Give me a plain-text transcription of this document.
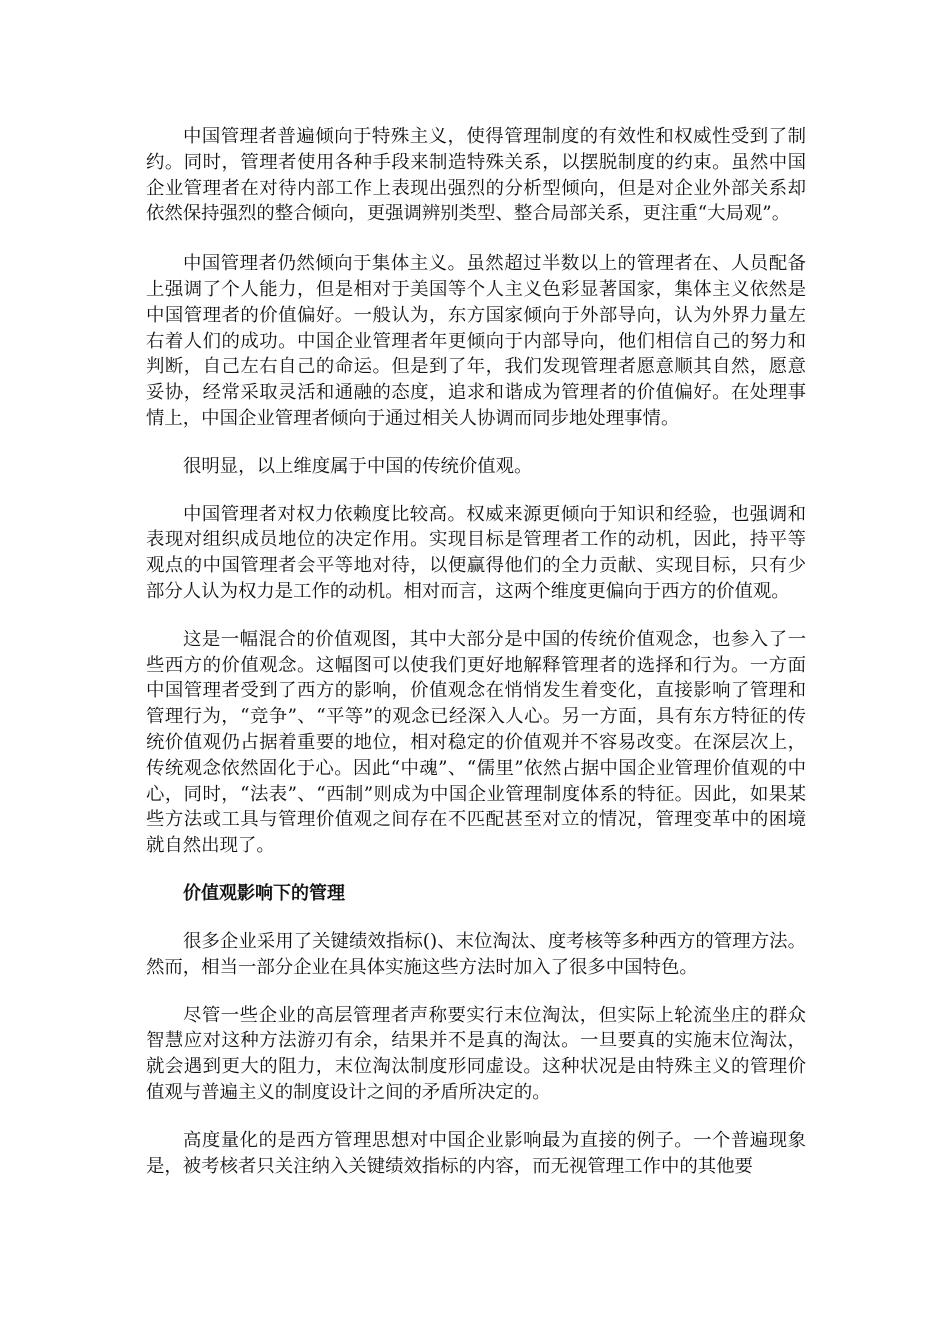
中国管理者普遍倾向于特殊主义，使得管理制度的有效性和权威性受到了制约。同时，管理者使用各种手段来制造特殊关系，以摆脱制度的约束。虽然中国企业管理者在对待内部工作上表现出强烈的分析型倾向，但是对企业外部关系却依然保持强烈的整合倾向，更强调辨别类型、整合局部关系，更注重“大局观”。

中国管理者仍然倾向于集体主义。虽然超过半数以上的管理者在、人员配备上强调了个人能力，但是相对于美国等个人主义色彩显著国家，集体主义依然是中国管理者的价值偏好。一般认为，东方国家倾向于外部导向，认为外界力量左右着人们的成功。中国企业管理者年更倾向于内部导向，他们相信自己的努力和判断，自己左右自己的命运。但是到了年，我们发现管理者愿意顺其自然，愿意妥协，经常采取灵活和通融的态度，追求和谐成为管理者的价值偏好。在处理事情上，中国企业管理者倾向于通过相关人协调而同步地处理事情。

很明显，以上维度属于中国的传统价值观。

中国管理者对权力依赖度比较高。权威来源更倾向于知识和经验，也强调和表现对组织成员地位的决定作用。实现目标是管理者工作的动机，因此，持平等观点的中国管理者会平等地对待，以便赢得他们的全力贡献、实现目标，只有少部分人认为权力是工作的动机。相对而言，这两个维度更偏向于西方的价值观。

这是一幅混合的价值观图，其中大部分是中国的传统价值观念，也参入了一些西方的价值观念。这幅图可以使我们更好地解释管理者的选择和行为。一方面中国管理者受到了西方的影响，价值观念在悄悄发生着变化，直接影响了管理和管理行为，“竞争”、“平等”的观念已经深入人心。另一方面，具有东方特征的传统价值观仍占据着重要的地位，相对稳定的价值观并不容易改变。在深层次上，传统观念依然固化于心。因此“中魂”、“儒里”依然占据中国企业管理价值观的中心，同时，“法表”、“西制”则成为中国企业管理制度体系的特征。因此，如果某些方法或工具与管理价值观之间存在不匹配甚至对立的情况，管理变革中的困境就自然出现了。

价值观影响下的管理

很多企业采用了关键绩效指标()、末位淘汰、度考核等多种西方的管理方法。然而，相当一部分企业在具体实施这些方法时加入了很多中国特色。

尽管一些企业的高层管理者声称要实行末位淘汰，但实际上轮流坐庄的群众智慧应对这种方法游刃有余，结果并不是真的淘汰。一旦要真的实施末位淘汰，就会遇到更大的阻力，末位淘汰制度形同虚设。这种状况是由特殊主义的管理价值观与普遍主义的制度设计之间的矛盾所决定的。

高度量化的是西方管理思想对中国企业影响最为直接的例子。一个普遍现象是，被考核者只关注纳入关键绩效指标的内容，而无视管理工作中的其他要
